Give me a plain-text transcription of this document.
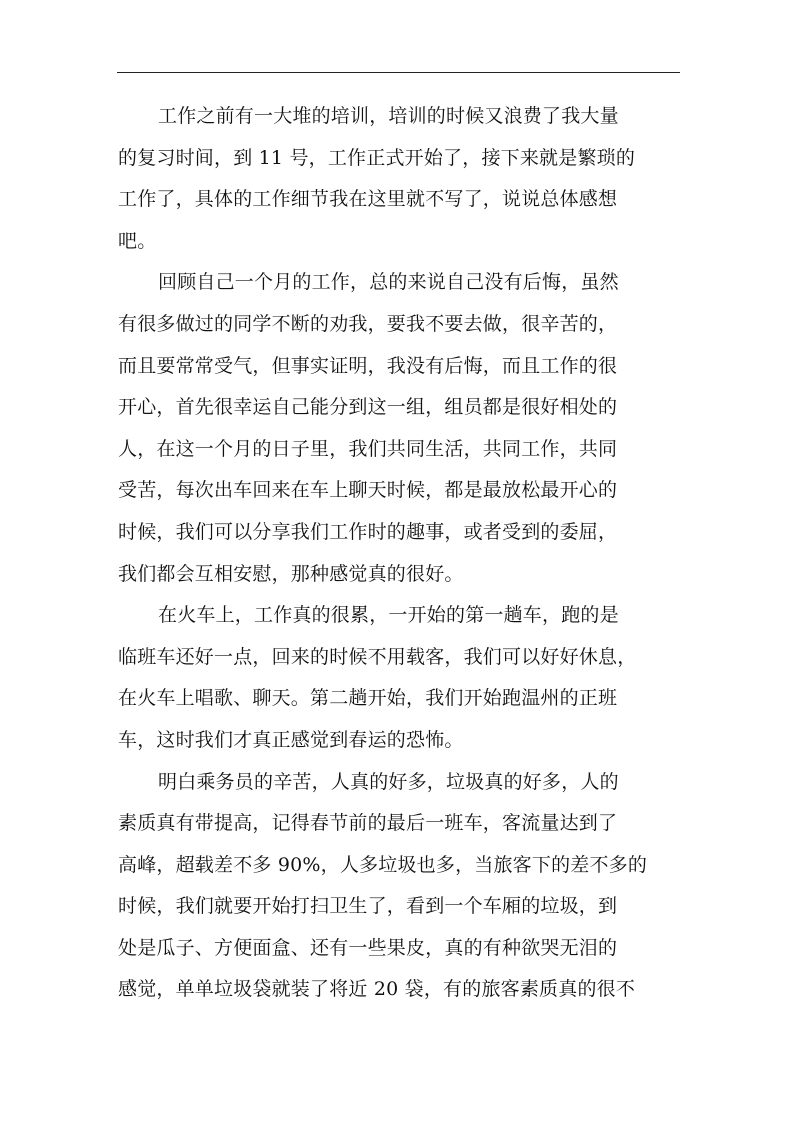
工作之前有一大堆的培训，培训的时候又浪费了我大量
的复习时间，到 11 号，工作正式开始了，接下来就是繁琐的
工作了，具体的工作细节我在这里就不写了，说说总体感想
吧。
回顾自己一个月的工作，总的来说自己没有后悔，虽然
有很多做过的同学不断的劝我，要我不要去做，很辛苦的，
而且要常常受气，但事实证明，我没有后悔，而且工作的很
开心，首先很幸运自己能分到这一组，组员都是很好相处的
人，在这一个月的日子里，我们共同生活，共同工作，共同
受苦，每次出车回来在车上聊天时候，都是最放松最开心的
时候，我们可以分享我们工作时的趣事，或者受到的委屈，
我们都会互相安慰，那种感觉真的很好。
在火车上，工作真的很累，一开始的第一趟车，跑的是
临班车还好一点，回来的时候不用载客，我们可以好好休息，
在火车上唱歌、聊天。第二趟开始，我们开始跑温州的正班
车，这时我们才真正感觉到春运的恐怖。
明白乘务员的辛苦，人真的好多，垃圾真的好多，人的
素质真有带提高，记得春节前的最后一班车，客流量达到了
高峰，超载差不多 90%，人多垃圾也多，当旅客下的差不多的
时候，我们就要开始打扫卫生了，看到一个车厢的垃圾，到
处是瓜子、方便面盒、还有一些果皮，真的有种欲哭无泪的
感觉，单单垃圾袋就装了将近 20 袋，有的旅客素质真的很不
